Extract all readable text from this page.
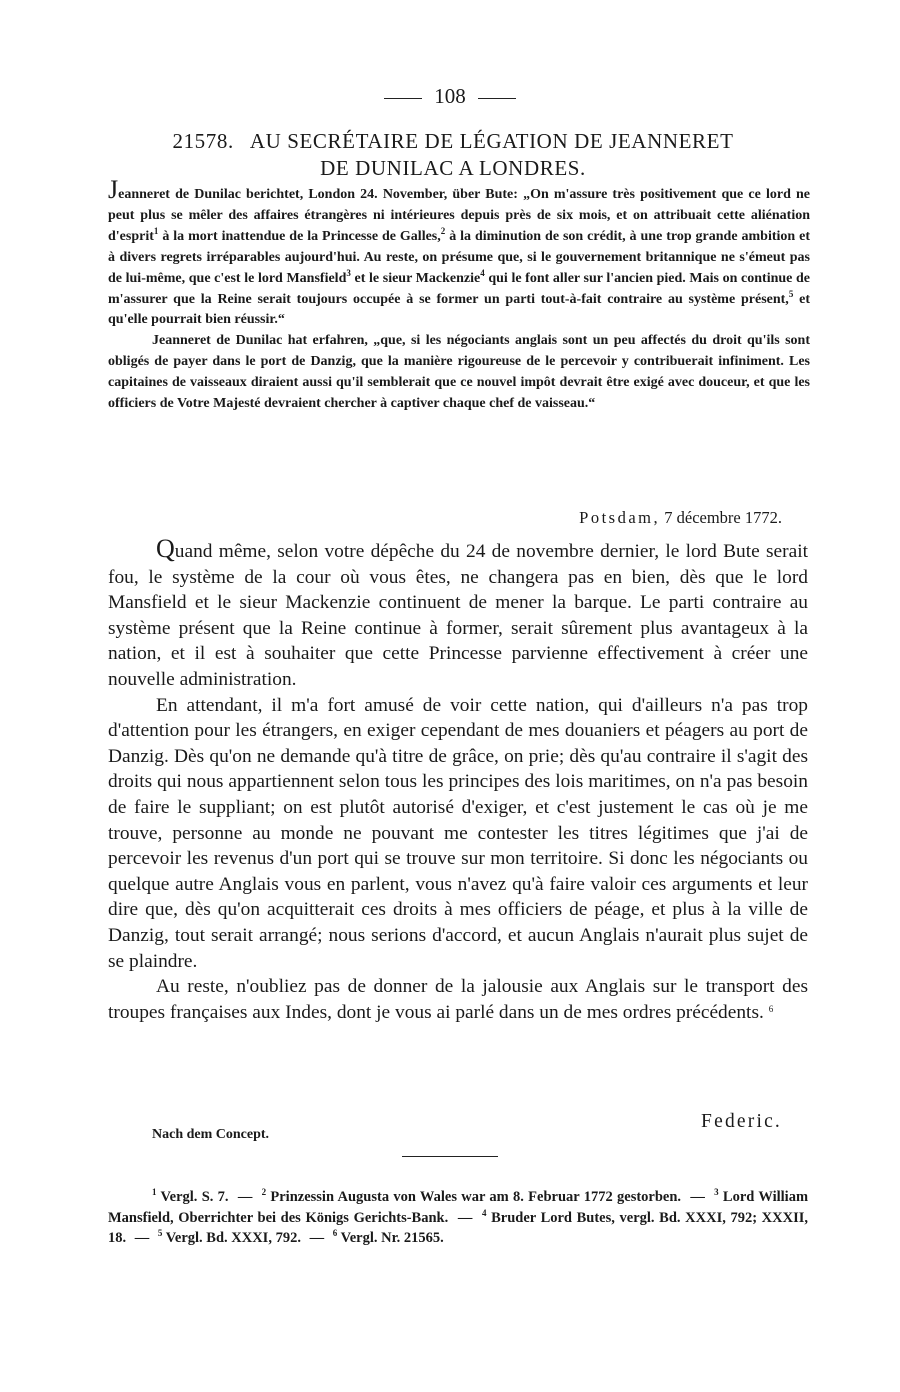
108
21578. AU SECRÉTAIRE DE LÉGATION DE JEANNERET
DE DUNILAC A LONDRES.

Jeanneret de Dunilac berichtet, London 24. November, über Bute: „On m'assure très positivement que ce lord ne peut plus se mêler des affaires étrangères ni intérieures depuis près de six mois, et on attribuait cette aliénation d'esprit$^1$ à la mort inattendue de la Princesse de Galles,$^2$ à la diminution de son crédit, à une trop grande ambition et à divers regrets irréparables aujourd'hui. Au reste, on présume que, si le gouvernement britannique ne s'émeut pas de lui-même, que c'est le lord Mansfield$^3$ et le sieur Mackenzie$^4$ qui le font aller sur l'ancien pied. Mais on continue de m'assurer que la Reine serait toujours occupée à se former un parti tout-à-fait contraire au système présent,$^5$ et qu'elle pourrait bien réussir.“

Jeanneret de Dunilac hat erfahren, „que, si les négociants anglais sont un peu affectés du droit qu'ils sont obligés de payer dans le port de Danzig, que la manière rigoureuse de le percevoir y contribuerait infiniment. Les capitaines de vaisseaux diraient aussi qu'il semblerait que ce nouvel impôt devrait être exigé avec douceur, et que les officiers de Votre Majesté devraient chercher à captiver chaque chef de vaisseau.“

Potsdam, 7 décembre 1772.

Quand même, selon votre dépêche du 24 de novembre dernier, le lord Bute serait fou, le système de la cour où vous êtes, ne changera pas en bien, dès que le lord Mansfield et le sieur Mackenzie continuent de mener la barque. Le parti contraire au système présent que la Reine continue à former, serait sûrement plus avantageux à la nation, et il est à souhaiter que cette Princesse parvienne effectivement à créer une nouvelle administration.

En attendant, il m'a fort amusé de voir cette nation, qui d'ailleurs n'a pas trop d'attention pour les étrangers, en exiger cependant de mes douaniers et péagers au port de Danzig. Dès qu'on ne demande qu'à titre de grâce, on prie; dès qu'au contraire il s'agit des droits qui nous appartiennent selon tous les principes des lois maritimes, on n'a pas besoin de faire le suppliant; on est plutôt autorisé d'exiger, et c'est justement le cas où je me trouve, personne au monde ne pouvant me contester les titres légitimes que j'ai de percevoir les revenus d'un port qui se trouve sur mon territoire. Si donc les négociants ou quelque autre Anglais vous en parlent, vous n'avez qu'à faire valoir ces arguments et leur dire que, dès qu'on acquitterait ces droits à mes officiers de péage, et plus à la ville de Danzig, tout serait arrangé; nous serions d'accord, et aucun Anglais n'aurait plus sujet de se plaindre.

Au reste, n'oubliez pas de donner de la jalousie aux Anglais sur le transport des troupes françaises aux Indes, dont je vous ai parlé dans un de mes ordres précédents. $^6$

Federic.
Nach dem Concept.

$^1$ Vergl. S. 7. — $^2$ Prinzessin Augusta von Wales war am 8. Februar 1772 gestorben. — $^3$ Lord William Mansfield, Oberrichter bei des Königs Gerichts-Bank. — $^4$ Bruder Lord Butes, vergl. Bd. XXXI, 792; XXXII, 18. — $^5$ Vergl. Bd. XXXI, 792. — $^6$ Vergl. Nr. 21565.
